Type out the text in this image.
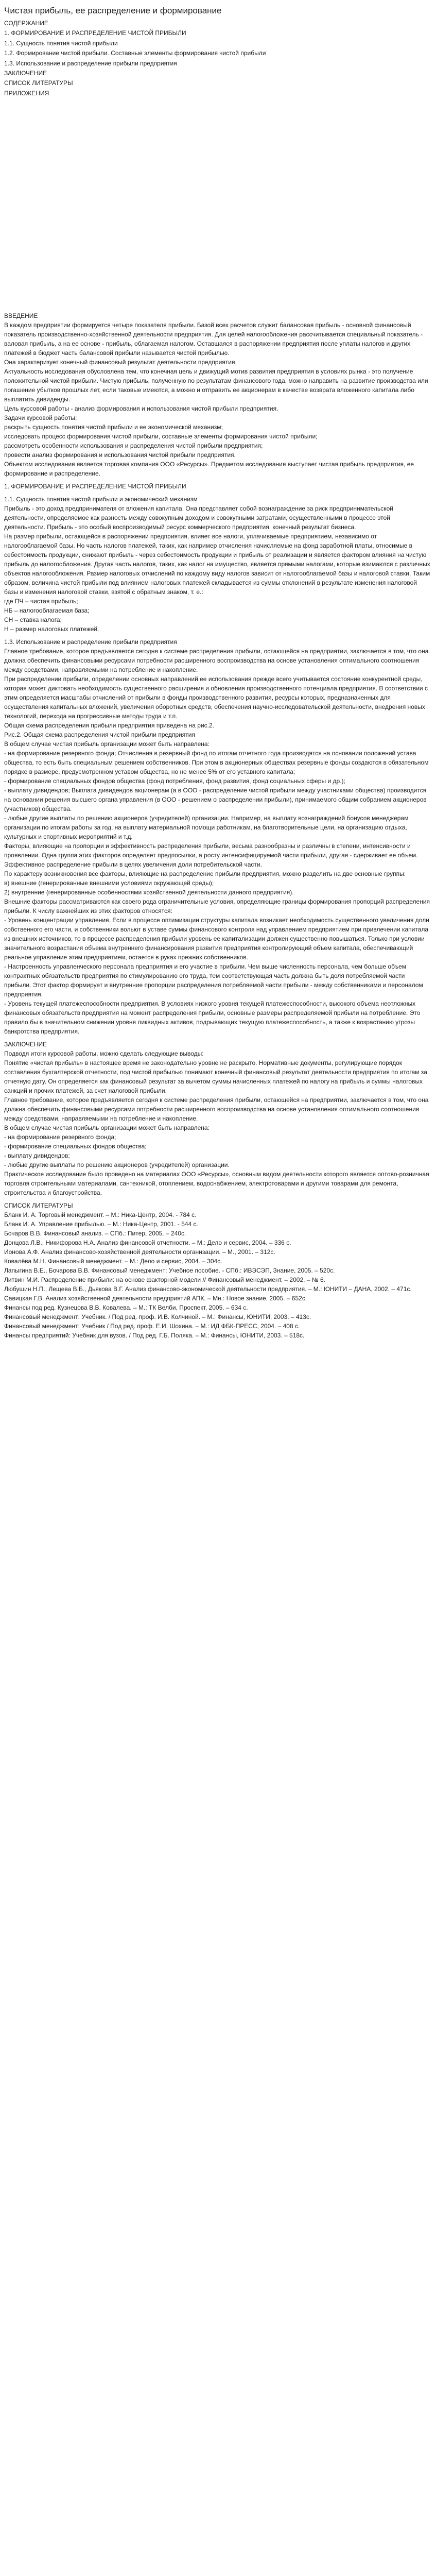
Чистая прибыль, ее распределение и формирование
СОДЕРЖАНИЕ
1. ФОРМИРОВАНИЕ И РАСПРЕДЕЛЕНИЕ ЧИСТОЙ ПРИБЫЛИ
1.1. Сущность понятия чистой прибыли
1.2. Формирование чистой прибыли. Составные элементы формирования чистой прибыли
1.3. Использование и распределение прибыли предприятия
ЗАКЛЮЧЕНИЕ
СПИСОК ЛИТЕРАТУРЫ
ПРИЛОЖЕНИЯ

ВВЕДЕНИЕ

В каждом предприятии формируется четыре показателя прибыли. Базой всех расчетов служит балансовая прибыль - основной финансовый показатель производственно-хозяйственной деятельности предприятия. Для целей налогообложения рассчитывается специальный показатель - валовая прибыль, а на ее основе - прибыль, облагаемая налогом. Оставшаяся в распоряжении предприятия после уплаты налогов и других платежей в бюджет часть балансовой прибыли называется чистой прибылью.

Она характеризует конечный финансовый результат деятельности предприятия.

Актуальность исследования обусловлена тем, что конечная цель и движущий мотив развития предприятия в условиях рынка - это получение положительной чистой прибыли. Чистую прибыль, полученную по результатам финансового года, можно направить на развитие производства или погашение убытков прошлых лет, если таковые имеются, а можно и отправить ее акционерам в качестве возврата вложенного капитала либо выплатить дивиденды.

Цель курсовой работы - анализ формирования и использования чистой прибыли предприятия.

Задачи курсовой работы:

раскрыть сущность понятия чистой прибыли и ее экономической механизм;

исследовать процесс формирования чистой прибыли, составные элементы формирования чистой прибыли;

рассмотреть особенности использования и распределения чистой прибыли предприятия;

провести анализ формирования и использования чистой прибыли предприятия.

Объектом исследования является торговая компания ООО «Ресурсы». Предметом исследования выступает чистая прибыль предприятия, ее формирование и распределение.

1. ФОРМИРОВАНИЕ И РАСПРЕДЕЛЕНИЕ ЧИСТОЙ ПРИБЫЛИ

1.1. Сущность понятия чистой прибыли и экономический механизм

Прибыль - это доход предпринимателя от вложения капитала. Она представляет собой вознаграждение за риск предпринимательской деятельности, определяемое как разность между совокупным доходом и совокупными затратами, осуществленными в процессе этой деятельности. Прибыль - это особый воспроизводимый ресурс коммерческого предприятия, конечный результат бизнеса.

На размер прибыли, остающейся в распоряжении предприятия, влияет все налоги, уплачиваемые предприятием, независимо от налогооблагаемой базы. Но часть налогов платежей, таких, как например отчисления начисляемые на фонд заработной платы, относимые в себестоимость продукции, снижают прибыль - через себестоимость продукции и прибыль от реализации и является фактором влияния на чистую прибыль до налогообложения. Другая часть налогов, таких, как налог на имущество, является прямыми налогами, которые взимаются с различных объектов налогообложения. Размер налоговых отчислений по каждому виду налогов зависит от налогооблагаемой базы и налоговой ставки. Таким образом, величина чистой прибыли под влиянием налоговых платежей складывается из суммы отклонений в результате изменения налоговой базы и изменения налоговой ставки, взятой с обратным знаком, т. е.:

где ΠЧ – чистая прибыль;

НБ – налогооблагаемая база;

СН – ставка налога;

Н – размер налоговых платежей.

1.3. Использование и распределение прибыли предприятия

Главное требование, которое предъявляется сегодня к системе распределения прибыли, остающейся на предприятии, заключается в том, что она должна обеспечить финансовыми ресурсами потребности расширенного воспроизводства на основе установления оптимального соотношения между средствами, направляемыми на потребление и накопление.

При распределении прибыли, определении основных направлений ее использования прежде всего учитывается состояние конкурентной среды, которая может диктовать необходимость существенного расширения и обновления производственного потенциала предприятия. В соответствии с этим определяется масштабы отчислений от прибыли в фонды производственного развития, ресурсы которых, предназначенных для осуществления капитальных вложений, увеличения оборотных средств, обеспечения научно-исследовательской деятельности, внедрения новых технологий, перехода на прогрессивные методы труда и т.п.

Общая схема распределения прибыли предприятия приведена на рис.2.

Рис.2. Общая схема распределения чистой прибыли предприятия

В общем случае чистая прибыль организации может быть направлена:

- на формирование резервного фонда; Отчисления в резервный фонд по итогам отчетного года производятся на основании положений устава общества, то есть быть специальным решением собственников. При этом в акционерных обществах резервные фонды создаются в обязательном порядке в размере, предусмотренном уставом общества, но не менее 5% от его уставного капитала;

- формирование специальных фондов общества (фонд потребления, фонд развития, фонд социальных сферы и др.);

- выплату дивидендов; Выплата дивидендов акционерам (а в ООО - распределение чистой прибыли между участниками общества) производится на основании решения высшего органа управления (в ООО - решением о распределении прибыли), принимаемого общим собранием акционеров (участников) общества.

- любые другие выплаты по решению акционеров (учредителей) организации. Например, на выплату вознаграждений бонусов менеджерам организации по итогам работы за год, на выплату материальной помощи работникам, на благотворительные цели, на организацию отдыха, культурных и спортивных мероприятий и т.д.

Факторы, влияющие на пропорции и эффективность распределения прибыли, весьма разнообразны и различны в степени, интенсивности и проявлении. Одна группа этих факторов определяет предпосылки, а росту интенсифицируемой части прибыли, другая - сдерживает ее объем. Эффективное распределение прибыли в целях увеличения доли потребительской части.

По характеру возникновения все факторы, влияющие на распределение прибыли предприятия, можно разделить на две основные группы:

в) внешние (генерированные внешними условиями окружающей среды);

2) внутренние (генерированные особенностями хозяйственной деятельности данного предприятия).

Внешние факторы рассматриваются как своего рода ограничительные условия, определяющие границы формирования пропорций распределения прибыли. К числу важнейших из этих факторов относятся:

- Уровень концентрации управления. Если в процессе оптимизации структуры капитала возникает необходимость существенного увеличения доли собственного его части, и собственники вольют в уставе суммы финансового контроля над управлением предприятием при привлечении капитала из внешних источников, то в процессе распределения прибыли уровень ее капитализации должен существенно повышаться. Только при условии значительного возрастания объема внутреннего финансирования развития предприятия контролирующий объем капитала, обеспечивающий реальное управление этим предприятием, остается в руках прежних собственников.

- Настроенность управленческого персонала предприятия и его участие в прибыли. Чем выше численность персонала, чем больше объем контрактных обязательств предприятия по стимулированию его труда, тем соответствующая часть должна быть доля потребляемой части прибыли. Этот фактор формирует и внутренние пропорции распределения потребляемой части прибыли - между собственниками и персоналом предприятия.

- Уровень текущей платежеспособности предприятия. В условиях низкого уровня текущей платежеспособности, высокого объема неотложных финансовых обязательств предприятия на момент распределения прибыли, основные размеры распределяемой прибыли на потребление. Это правило бы в значительном снижении уровня ликвидных активов, подрывающих текущую платежеспособность, а также к возрастанию угрозы банкротства предприятия.

ЗАКЛЮЧЕНИЕ

Подводя итоги курсовой работы, можно сделать следующие выводы:

Понятие «чистая прибыль» в настоящее время не законодательно уровне не раскрыто. Нормативные документы, регулирующие порядок составления бухгалтерской отчетности, под чистой прибылью понимают конечный финансовый результат деятельности предприятия по итогам за отчетную дату. Он определяется как финансовый результат за вычетом суммы начисленных платежей по налогу на прибыль и суммы налоговых санкций и прочих платежей, за счет налоговой прибыли.

Главное требование, которое предъявляется сегодня к системе распределения прибыли, остающейся на предприятии, заключается в том, что она должна обеспечить финансовыми ресурсами потребности расширенного воспроизводства на основе установления оптимального соотношения между средствами, направляемыми на потребление и накопление.

В общем случае чистая прибыль организации может быть направлена:

- на формирование резервного фонда;

- формирование специальных фондов общества;

- выплату дивидендов;

- любые другие выплаты по решению акционеров (учредителей) организации.

Практическое исследование было проведено на материалах ООО «Ресурсы», основным видом деятельности которого является оптово-розничная торговля строительными материалами, сантехникой, отоплением, водоснабжением, электротоварами и другими товарами для ремонта, строительства и благоустройства.

СПИСОК ЛИТЕРАТУРЫ

Бланк И. А. Торговый менеджмент. – М.: Ника-Центр, 2004. - 784 с.

Бланк И. А. Управление прибылью. – М.: Ника-Центр, 2001. - 544 с.

Бочаров В.В. Финансовый анализ. – СПб.: Питер, 2005. – 240с.

Донцова Л.В., Никифорова Н.А. Анализ финансовой отчетности. – М.: Дело и сервис, 2004. – 336 с.

Ионова А.Ф. Анализ финансово-хозяйственной деятельности организации. – М., 2001. – 312с.

Ковалёва М.Н. Финансовый менеджмент. – М.: Дело и сервис, 2004. – 304с.

Лапыгина В.Е., Бочарова В.В. Финансовый менеджмент: Учебное пособие. - СПб.: ИВЭСЭП, Знание, 2005. – 520с.

Литвин М.И. Распределение прибыли: на основе факторной модели // Финансовый менеджмент. – 2002. – № 6.

Любушин Н.П., Лещева В.Б., Дьякова В.Г. Анализ финансово-экономической деятельности предприятия. – М.: ЮНИТИ – ДАНА, 2002. – 471с.

Савицкая Г.В. Анализ хозяйственной деятельности предприятий АПК. – Мн.: Новое знание, 2005. – 652с.

Финансы под ред. Кузнецова В.В. Ковалева. – М.: ТК Велби, Проспект, 2005. – 634 с.

Финансовый менеджмент: Учебник. / Под ред. проф. И.В. Колчиной. – М.: Финансы, ЮНИТИ, 2003. – 413с.

Финансовый менеджмент: Учебник / Под ред. проф. Е.И. Шохина. – М.: ИД ФБК-ПРЕСС, 2004. – 408 с.

Финансы предприятий: Учебник для вузов. / Под ред. Г.Б. Поляка. – М.: Финансы, ЮНИТИ, 2003. – 518с.
